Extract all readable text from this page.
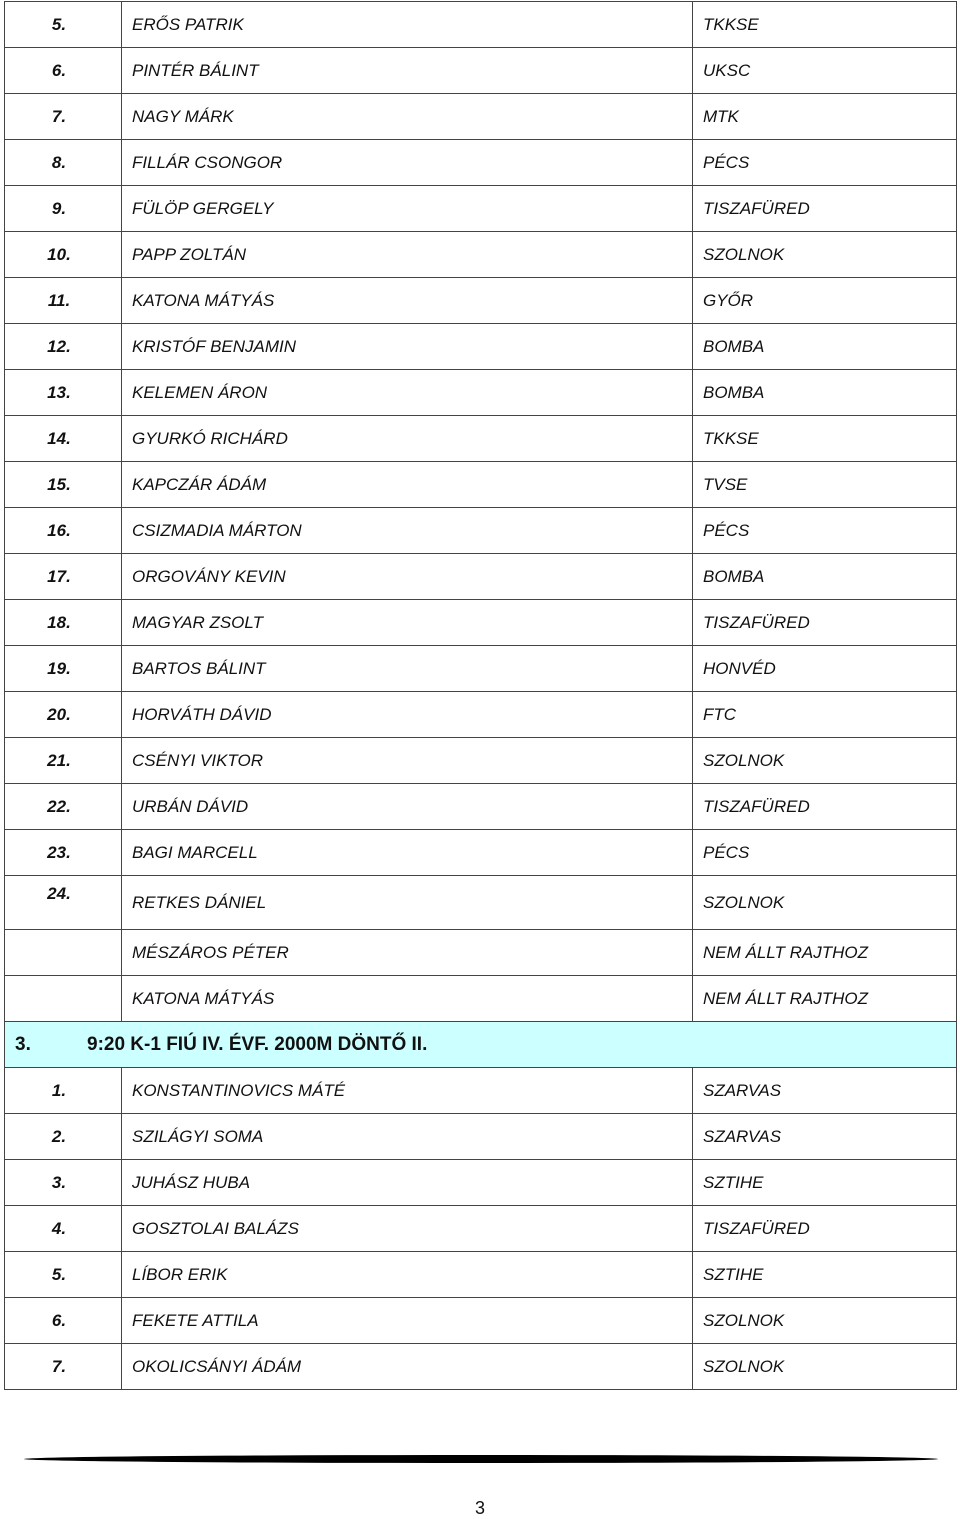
5.	ERŐS PATRIK	TKKSE
6.	PINTÉR BÁLINT	UKSC
7.	NAGY MÁRK	MTK
8.	FILLÁR CSONGOR	PÉCS
9.	FÜLÖP GERGELY	TISZAFÜRED
10.	PAPP ZOLTÁN	SZOLNOK
11.	KATONA MÁTYÁS	GYŐR
12.	KRISTÓF BENJAMIN	BOMBA
13.	KELEMEN ÁRON	BOMBA
14.	GYURKÓ RICHÁRD	TKKSE
15.	KAPCZÁR ÁDÁM	TVSE
16.	CSIZMADIA MÁRTON	PÉCS
17.	ORGOVÁNY KEVIN	BOMBA
18.	MAGYAR ZSOLT	TISZAFÜRED
19.	BARTOS BÁLINT	HONVÉD
20.	HORVÁTH DÁVID	FTC
21.	CSÉNYI VIKTOR	SZOLNOK
22.	URBÁN DÁVID	TISZAFÜRED
23.	BAGI MARCELL	PÉCS
24.	RETKES DÁNIEL	SZOLNOK
	MÉSZÁROS PÉTER	NEM ÁLLT RAJTHOZ
	KATONA MÁTYÁS	NEM ÁLLT RAJTHOZ
3. 9:20 K-1 FIÚ IV. ÉVF. 2000M DÖNTŐ II.		
1.	KONSTANTINOVICS MÁTÉ	SZARVAS
2.	SZILÁGYI SOMA	SZARVAS
3.	JUHÁSZ HUBA	SZTIHE
4.	GOSZTOLAI BALÁZS	TISZAFÜRED
5.	LÍBOR ERIK	SZTIHE
6.	FEKETE ATTILA	SZOLNOK
7.	OKOLICSÁNYI ÁDÁM	SZOLNOK
3
